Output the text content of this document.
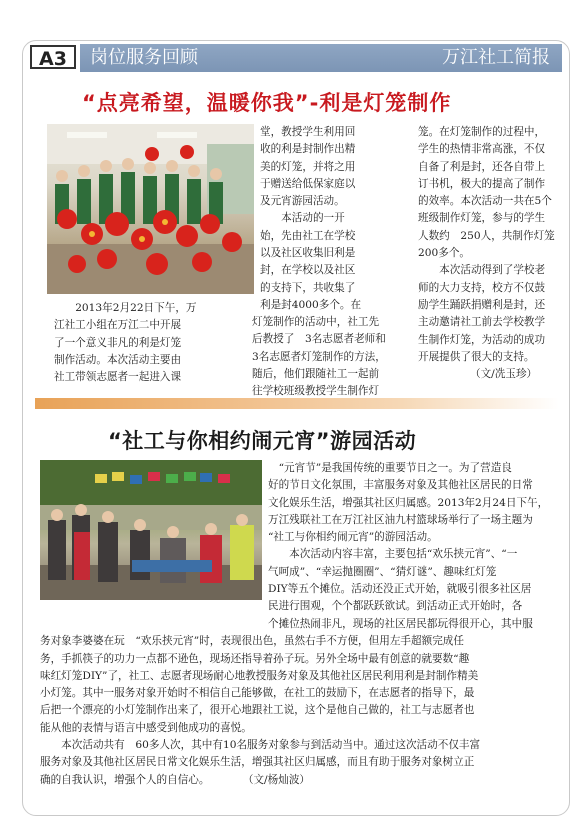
A3	岗位服务回顾	万江社工简报
“点亮希望，温暖你我”-利是灯笼制作
2013年2月22日下午，万
江社工小组在万江二中开展
了一个意义非凡的利是灯笼
制作活动。本次活动主要由
社工带领志愿者一起进入课
堂，教授学生利用回
收的利是封制作出精
美的灯笼，并将之用
于赠送给低保家庭以
及元宵游园活动。
　　本活动的一开
始，先由社工在学校
以及社区收集旧利是
封，在学校以及社区
的支持下，共收集了
利是封4000多个。在
灯笼制作的活动中，社工先
后教授了　3名志愿者老师和
3名志愿者灯笼制作的方法，
随后，他们跟随社工一起前
往学校班级教授学生制作灯
笼。在灯笼制作的过程中，
学生的热情非常高涨，不仅
自备了利是封，还各自带上
订书机，极大的提高了制作
的效率。本次活动一共在5个
班级制作灯笼，参与的学生
人数约　250人，共制作灯笼
200多个。
　　本次活动得到了学校老
师的大力支持，校方不仅鼓
励学生踊跃捐赠利是封，还
主动邀请社工前去学校教学
生制作灯笼，为活动的成功
开展提供了很大的支持。
（文/冼玉珍）
“社工与你相约闹元宵”游园活动
　“元宵节”是我国传统的重要节日之一。为了营造良
好的节日文化氛围，丰富服务对象及其他社区居民的日常
文化娱乐生活，增强其社区归属感。2013年2月24日下午，
万江残联社工在万江社区油九村篮球场举行了一场主题为
“社工与你相约闹元宵”的游园活动。
　　本次活动内容丰富，主要包括“欢乐挟元宵”、“一
气呵成”、“幸运抛圈圈”、“猜灯谜”、趣味红灯笼
DIY等五个摊位。活动还没正式开始，就吸引很多社区居
民进行围观，个个都跃跃欲试。到活动正式开始时，各
个摊位热闹非凡，现场的社区居民都玩得很开心，其中服
务对象李婆婆在玩　“欢乐挟元宵”时，表现很出色，虽然右手不方便，但用左手超额完成任
务，手抓筷子的功力一点都不逊色，现场还指导着孙子玩。另外全场中最有创意的就要数“趣
味红灯笼DIY”了，社工、志愿者现场耐心地教授服务对象及其他社区居民利用利是封制作精美
小灯笼。其中一服务对象开始时不相信自己能够做，在社工的鼓励下，在志愿者的指导下，最
后把一个漂亮的小灯笼制作出来了，很开心地跟社工说，这个是他自己做的，社工与志愿者也
能从他的表情与语言中感受到他成功的喜悦。
　　本次活动共有　60多人次，其中有10名服务对象参与到活动当中。通过这次活动不仅丰富
服务对象及其他社区居民日常文化娱乐生活，增强其社区归属感，而且有助于服务对象树立正
确的自我认识，增强个人的自信心。	（文/杨灿波）
